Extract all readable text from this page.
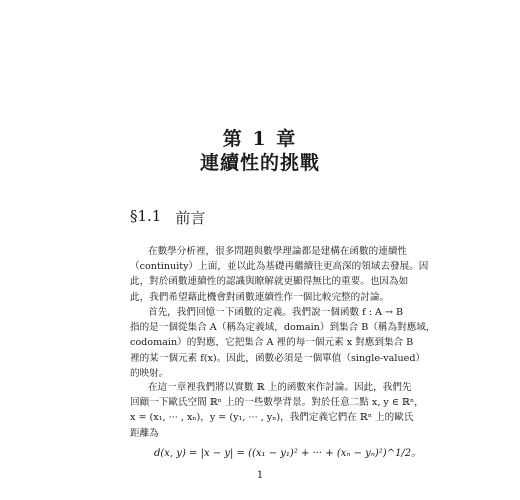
第 1 章
連續性的挑戰
§1.1 前言
在數學分析裡，很多問題與數學理論都是建構在函數的連續性
（continuity）上面，並以此為基礎再繼續往更高深的領域去發展。因
此，對於函數連續性的認識與瞭解就更顯得無比的重要。也因為如
此，我們希望藉此機會對函數連續性作一個比較完整的討論。
首先，我們回憶一下函數的定義。我們說一個函數 f : A → B
指的是一個從集合 A（稱為定義域，domain）到集合 B（稱為對應域，
codomain）的對應，它把集合 A 裡的每一個元素 x 對應到集合 B
裡的某一個元素 f(x)。因此，函數必須是一個單值（single-valued）
的映射。
在這一章裡我們將以實數 ℝ 上的函數來作討論。因此，我們先
回顧一下歐氏空間 ℝⁿ 上的一些數學背景。對於任意二點 x, y ∈ ℝⁿ，
x = (x₁, ··· , xₙ)，y = (y₁, ··· , yₙ)，我們定義它們在 ℝⁿ 上的歐氏
距離為
d(x, y) = |x − y| = ((x₁ − y₁)² + ··· + (xₙ − yₙ)²)^1/2。
1
